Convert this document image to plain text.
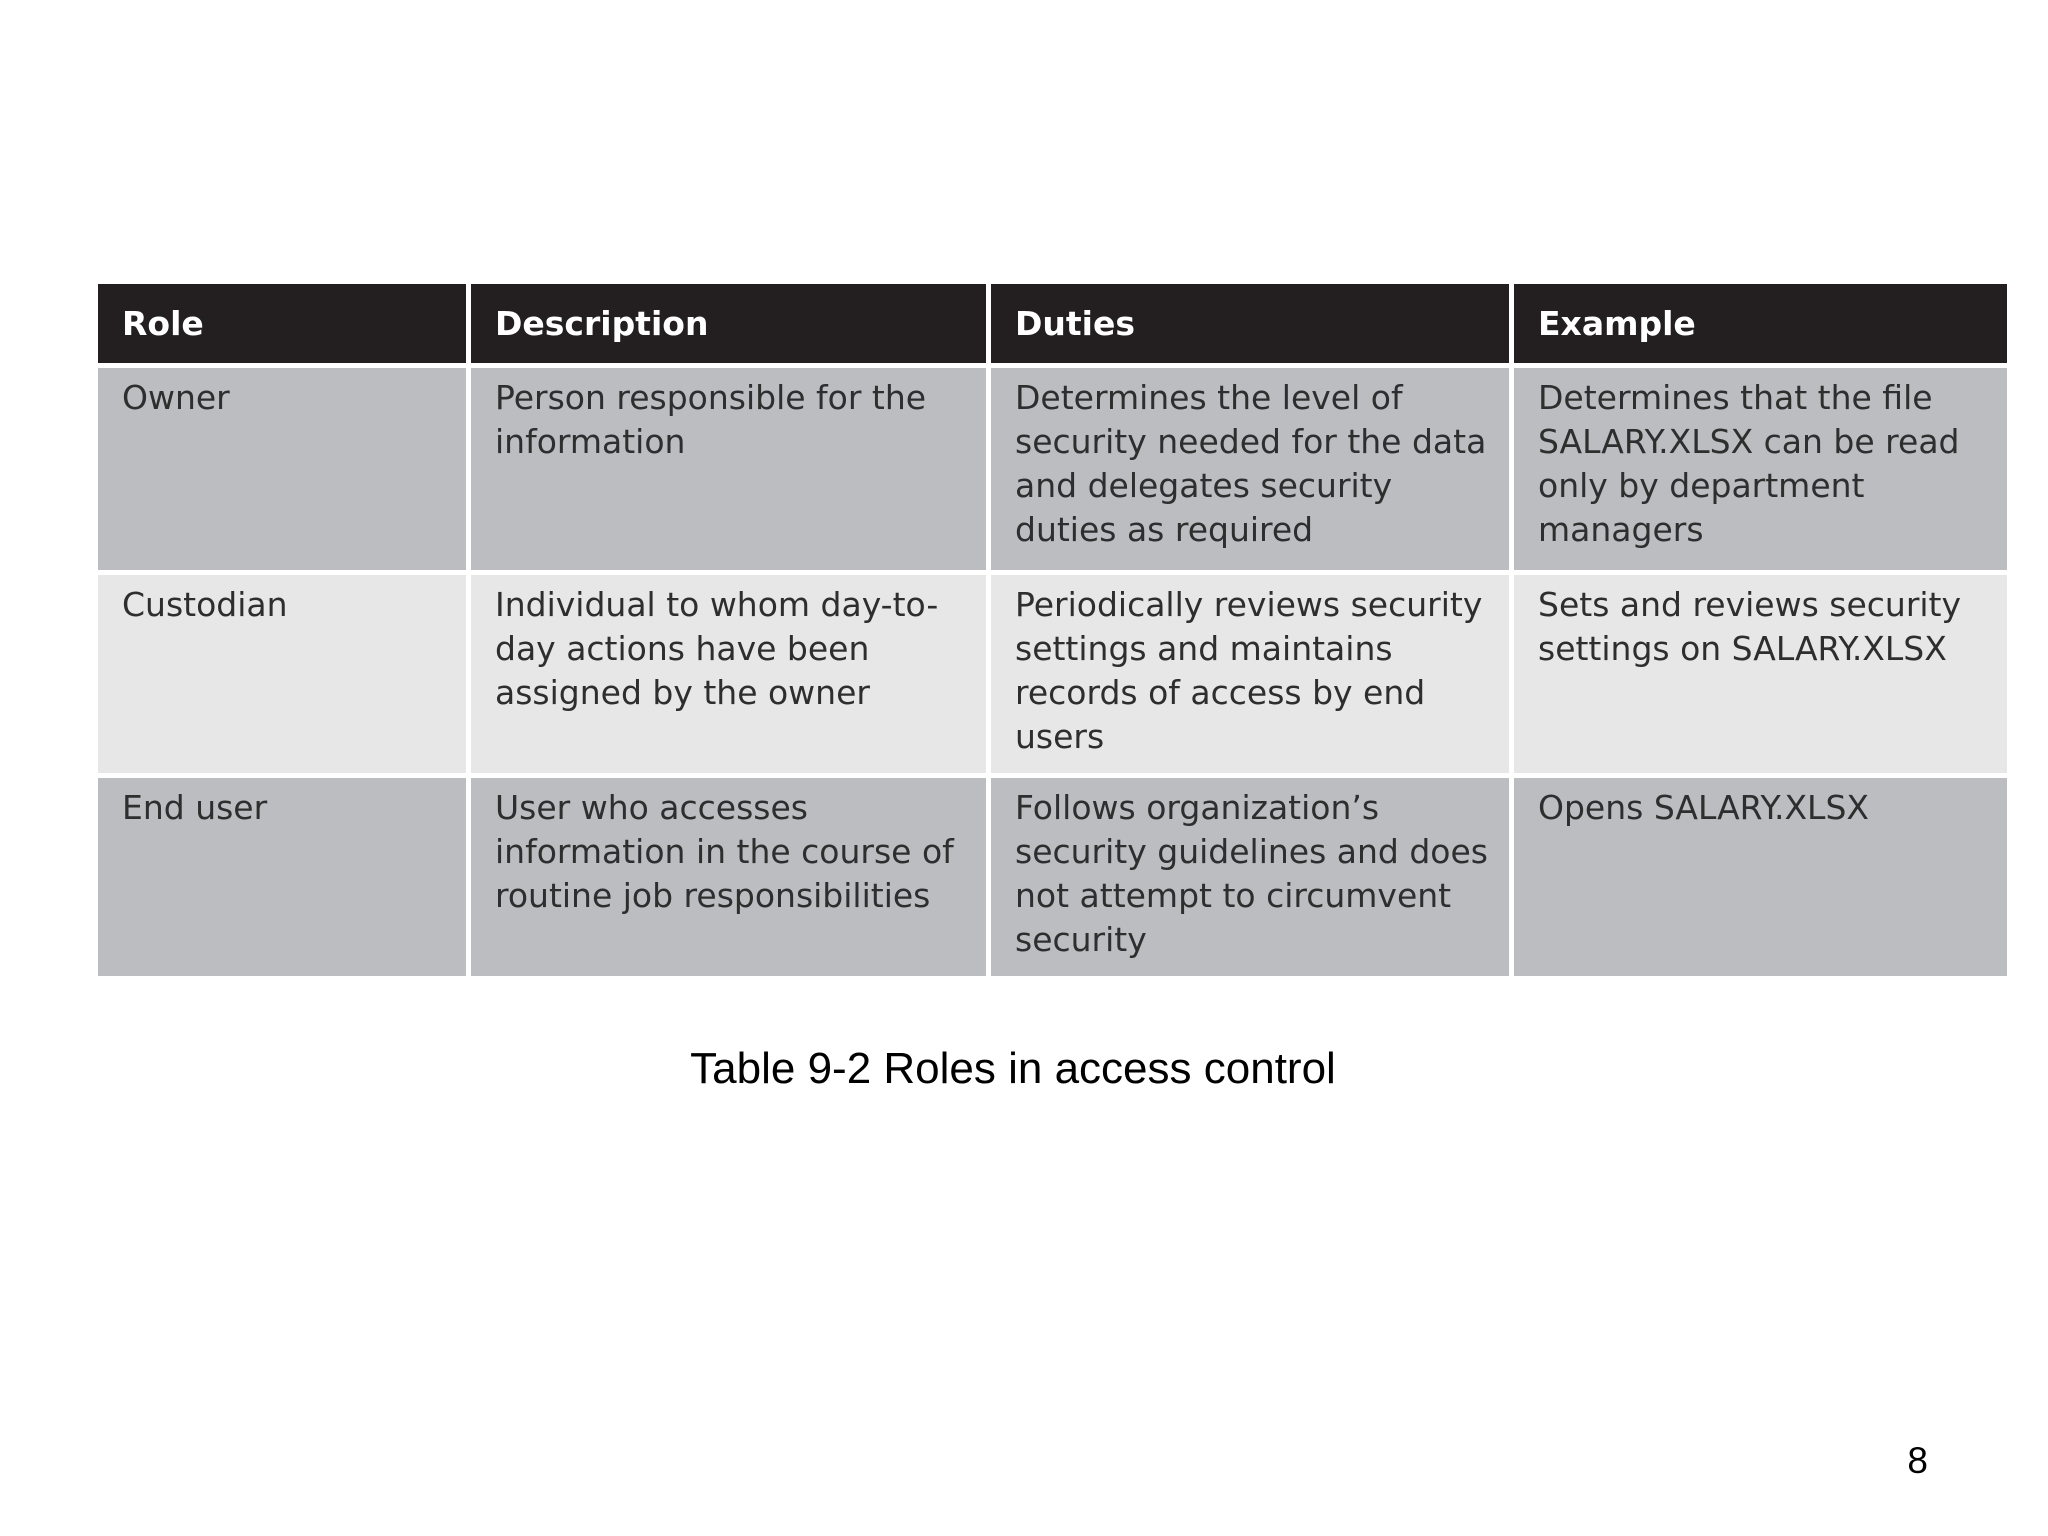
Role	Description	Duties	Example
Owner	Person responsible for the information	Determines the level of security needed for the data and delegates security duties as required	Determines that the file SALARY.XLSX can be read only by department managers
Custodian	Individual to whom day-to-day actions have been assigned by the owner	Periodically reviews security settings and maintains records of access by end users	Sets and reviews security settings on SALARY.XLSX
End user	User who accesses information in the course of routine job responsibilities	Follows organization’s security guidelines and does not attempt to circumvent security	Opens SALARY.XLSX
Table 9-2 Roles in access control
8
